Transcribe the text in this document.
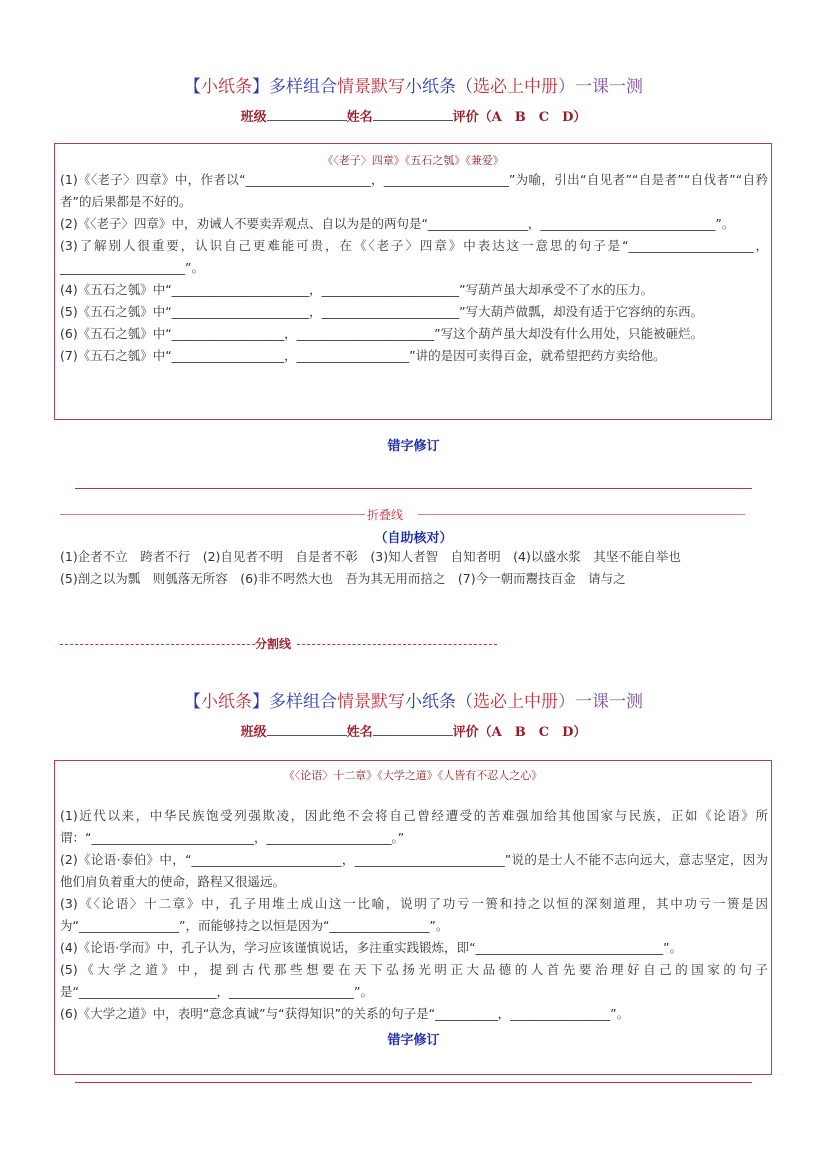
【小纸条】多样组合情景默写小纸条（选必上中册）一课一测
班级	姓名	评价（A　B　C　D）
《〈老子〉四章》《五石之瓠》《兼爱》

(1)《〈老子〉四章》中，作者以“____________________，____________________”为喻，引出“自见者”“自是者”“自伐者”“自矜者”的后果都是不好的。

(2)《〈老子〉四章》中，劝诫人不要卖弄观点、自以为是的两句是“________________，____________________________”。

(3)了解别人很重要，认识自己更难能可贵，在《〈老子〉四章》中表达这一意思的句子是“____________________，____________________”。

(4)《五石之瓠》中“______________________，______________________”写葫芦虽大却承受不了水的压力。

(5)《五石之瓠》中“______________________，______________________”写大葫芦做瓢，却没有适于它容纳的东西。

(6)《五石之瓠》中“__________________，______________________”写这个葫芦虽大却没有什么用处，只能被砸烂。

(7)《五石之瓠》中“__________________，__________________”讲的是因可卖得百金，就希望把药方卖给他。

错字修订
折叠线
（自助核对）
(1)企者不立　跨者不行　(2)自见者不明　自是者不彰　(3)知人者智　自知者明　(4)以盛水浆　其坚不能自举也
(5)剖之以为瓢　则瓠落无所容　(6)非不呺然大也　吾为其无用而掊之　(7)今一朝而鬻技百金　请与之
分割线
【小纸条】多样组合情景默写小纸条（选必上中册）一课一测
班级	姓名	评价（A　B　C　D）
《〈论语〉十二章》《大学之道》《人皆有不忍人之心》

(1)近代以来，中华民族饱受列强欺凌，因此绝不会将自己曾经遭受的苦难强加给其他国家与民族，正如《论语》所谓：“__________________________，____________________。”

(2)《论语·泰伯》中，“________________________，________________________”说的是士人不能不志向远大，意志坚定，因为他们肩负着重大的使命，路程又很遥远。

(3)《〈论语〉十二章》中，孔子用堆土成山这一比喻，说明了功亏一篑和持之以恒的深刻道理，其中功亏一篑是因为“________________”，而能够持之以恒是因为“________________”。

(4)《论语·学而》中，孔子认为，学习应该谨慎说话，多注重实践锻炼，即“______________________________”。

(5)《大学之道》中，提到古代那些想要在天下弘扬光明正大品德的人首先要治理好自己的国家的句子是“______________________，____________________”。

(6)《大学之道》中，表明“意念真诚”与“获得知识”的关系的句子是“__________，________________”。

错字修订
